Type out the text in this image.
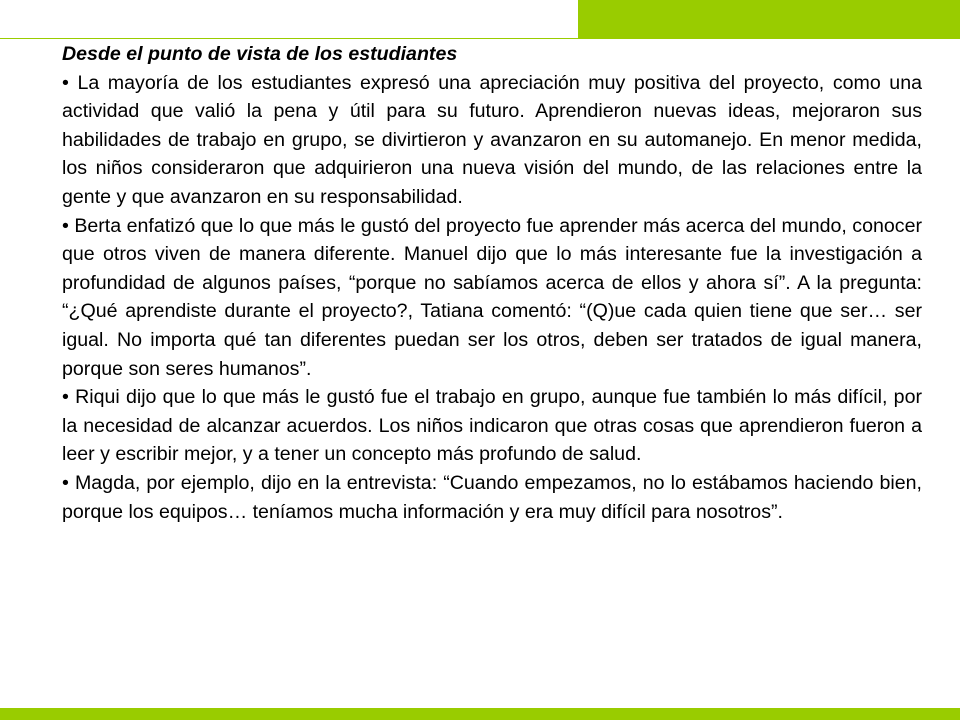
Desde el punto de vista de los estudiantes

• La mayoría de los estudiantes expresó una apreciación muy positiva del proyecto, como una actividad que valió la pena y útil para su futuro. Aprendieron nuevas ideas, mejoraron sus habilidades de trabajo en grupo, se divirtieron y avanzaron en su automanejo. En menor medida, los niños consideraron que adquirieron una nueva visión del mundo, de las relaciones entre la gente y que avanzaron en su responsabilidad.

• Berta enfatizó que lo que más le gustó del proyecto fue aprender más acerca del mundo, conocer que otros viven de manera diferente. Manuel dijo que lo más interesante fue la investigación a profundidad de algunos países, “porque no sabíamos acerca de ellos y ahora sí”. A la pregunta: “¿Qué aprendiste durante el proyecto?, Tatiana comentó: “(Q)ue cada quien tiene que ser… ser igual. No importa qué tan diferentes puedan ser los otros, deben ser tratados de igual manera, porque son seres humanos”.

• Riqui dijo que lo que más le gustó fue el trabajo en grupo, aunque fue también lo más difícil, por la necesidad de alcanzar acuerdos. Los niños indicaron que otras cosas que aprendieron fueron a leer y escribir mejor, y a tener un concepto más profundo de salud.

• Magda, por ejemplo, dijo en la entrevista: “Cuando empezamos, no lo estábamos haciendo bien, porque los equipos… teníamos mucha información y era muy difícil para nosotros”.
